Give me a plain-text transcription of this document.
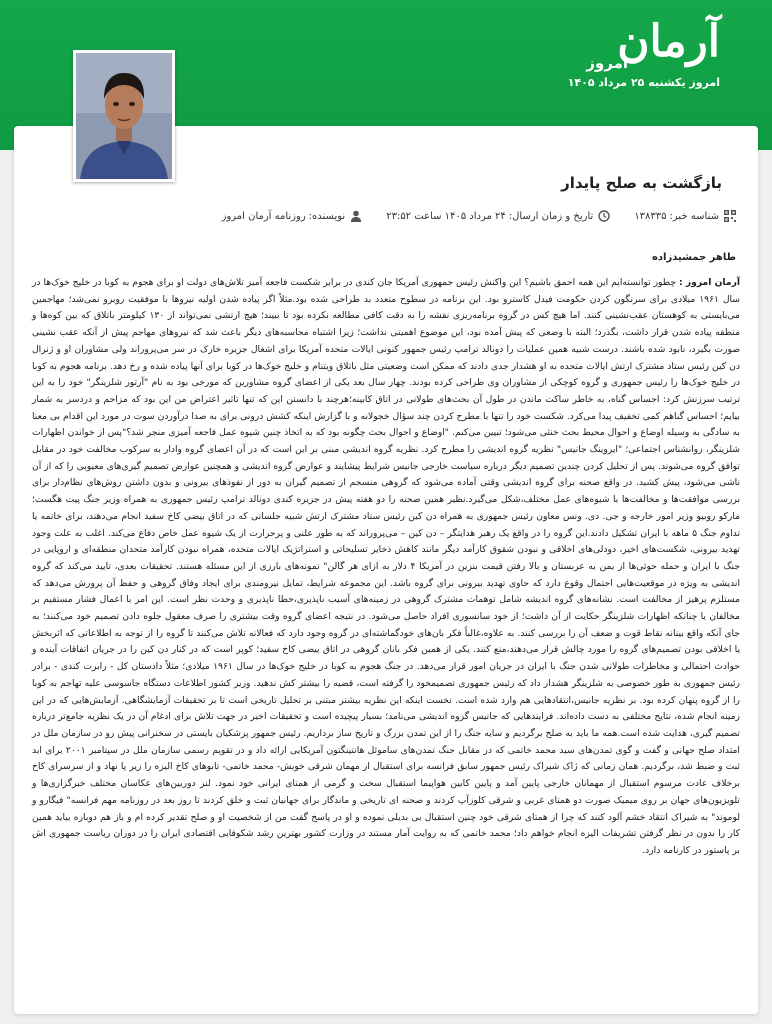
آرمان
امروز
امروز یکشنبه ۲۵ مرداد ۱۴۰۵
بازگشت به صلح پایدار
شناسه خبر:
۱۳۸۳۳۵
تاریخ و زمان ارسال:
۲۴ مرداد ۱۴۰۵ ساعت ۲۳:۵۲
نویسنده:
روزنامه آرمان امروز
طاهر جمشیدزاده

آرمان امروز : چطور توانسته‌ایم این همه احمق باشیم؟ این واکنش رئیس جمهوری آمریکا جان کندی در برابر شکست فاجعه آمیز تلاش‌های دولت او برای هجوم به کوبا در خلیج خوک‌ها در سال ۱۹۶۱ میلادی برای سرنگون کردن حکومت فیدل کاسترو بود. این برنامه در سطوح متعدد بد طراحی شده بود.مثلاً اگر پیاده شدن اولیه نیروها با موفقیت روبرو نمی‌شد؛ مهاجمین می‌بایستی به کوهستان عقب‌نشینی کنند. اما هیچ کس در گروه برنامه‌ریزی نقشه را به دقت کافی مطالعه نکرده بود تا ببیند؛ هیچ ارتشی نمی‌تواند از ۱۳۰ کیلومتر باتلاق که بین کوه‌ها و منطقه پیاده شدن قرار داشت، بگذرد؛ البته با وضعی که پیش آمده بود، این موضوع اهمیتی نداشت؛ زیرا اشتباه محاسبه‌های دیگر باعث شد که نیروهای مهاجم پیش از آنکه عقب نشینی صورت بگیرد، نابود شده باشند. درست شبیه همین عملیات را دونالد ترامپ رئیس جمهور کنونی ایالات متحده آمریکا برای اشغال جزیره خارک در سر می‌پروراند ولی مشاوران او و ژنرال دن کین رئیس ستاد مشترک ارتش ایالات متحده به او هشدار جدی دادند که ممکن است وضعیتی مثل باتلاق ویتنام و خلیج خوک‌ها در کوبا برای آنها پیاده شده و رخ دهد. برنامه هجوم به کوبا در خلیج خوک‌ها را رئیس جمهوری و گروه کوچکی از مشاوران وی طراحی کرده بودند. چهار سال بعد یکی از اعضای گروه مشاورین که مورخی بود به نام "آرتور شلزینگر" خود را به این ترتیب سرزنش کرد: احساس گناه، به خاطر ساکت ماندن در طول آن بحث‌های طولانی در اتاق کابینه؛هرچند با دانستن این که تنها تاثیر اعتراض من این بود که مزاحم و دردسر به شمار بیایم؛ احساس گناهم کمی تخفیف پیدا می‌کرد. شکست خود را تنها با مطرح کردن چند سؤال خجولانه و با گزارش اینکه کشش درونی برای به صدا درآوردن سوت در مورد این اقدام بی معنا به سادگی به وسیله اوضاع و احوال محیط بحث خنثی می‌شود؛ تبیین می‌کنم. "اوضاع و احوال بحث چگونه بود که به اتخاذ چنین شیوه عمل فاجعه آمیزی منجر شد؟"پس از خواندن اظهارات شلزینگر، روانشناس اجتماعی؛ "ایروینگ جانیس" نظریه گروه اندیشی را مطرح کرد. نظریه گروه اندیشی مبنی بر این است که در آن اعضای گروه وادار به سرکوب مخالفت خود در مقابل توافق گروه می‌شوند. پس از تحلیل کردن چندین تصمیم دیگر درباره سیاست خارجی جانیس شرایط پیشایند و عوارض گروه اندیشی و همچنین عوارض تصمیم گیری‌های معیوبی را که از آن ناشی می‌شود، پیش کشید. در واقع صحنه برای گروه اندیشی وقتی آماده می‌شود که گروهی منسجم از تصمیم گیران به دور از نفوذهای بیرونی و بدون داشتن روش‌های نظام‌دار برای بررسی موافقت‌ها و مخالفت‌ها با شیوه‌های عمل مختلف،شکل می‌گیرد.نظیر همین صحنه را دو هفته پیش در جزیره کندی دونالد ترامپ رئیس جمهوری به همراه وزیر جنگ پیت هگست؛ مارکو روبیو وزیر امور خارجه و جی. دی. ونس معاون رئیس جمهوری به همراه دن کین رئیس ستاد مشترک ارتش شبیه جلساتی که در اتاق بیضی کاخ سفید انجام می‌دهند، برای خاتمه یا تداوم جنگ ۵ ماهه با ایران تشکیل دادند.این گروه را در واقع یک رهبر هدایتگر – دن کین – می‌پروراند که به طور علنی و پرحرارت از یک شیوه عمل خاص دفاع می‌کند. اغلب به علت وجود تهدید بیرونی، شکست‌های اخیر، دودلی‌های اخلاقی و نبودن شقوق کارآمد دیگر مانند کاهش ذخایر تسلیحاتی و استراتژیک ایالات متحده، همراه نبودن کارآمد متحدان منطقه‌ای و اروپایی در جنگ با ایران و حمله حوثی‌ها از یمن به عربستان و بالا رفتن قیمت بنزین در آمریکا ۴ دلار به ازای هر گالن" نمونه‌های بارزی از این مسئله هستند. تحقیقات بعدی، تایید می‌کند که گروه اندیشی به ویژه در موقعیت‌هایی احتمال وقوع دارد که حاوی تهدید بیرونی برای گروه باشد. این مجموعه شرایط، تمایل نیرومندی برای ایجاد وفاق گروهی و حفظ آن پرورش می‌دهد که مستلزم پرهیز از مخالفت است. نشانه‌های گروه اندیشه شامل توهمات مشترک گروهی در زمینه‌های آسیب ناپذیری،خطا ناپذیری و وحدت نظر است. این امر با اعمال فشار مستقیم بر مخالفان یا چنانکه اظهارات شلزینگر حکایت از آن داشت؛ از خود سانسوری افراد حاصل می‌شود. در نتیجه اعضای گروه وقت بیشتری را صرف معقول جلوه دادن تصمیم خود می‌کنند؛ به جای آنکه واقع بینانه نقاط قوت و ضعف آن را بررسی کنند. به علاوه،غالباً فکر بان‌های خودگماشته‌ای در گروه وجود دارد که فعالانه تلاش می‌کنند تا گروه را از توجه به اطلاعاتی که اثربخش یا اخلاقی بودن تصمیم‌های گروه را مورد چالش قرار می‌دهند،منع کنند. یکی از همین فکر بانان گروهی در اتاق بیضی کاخ سفید؛ کوپر است که در کنار دن کین را در جریان اتفاقات آینده و حوادث احتمالی و مخاطرات طولانی شدن جنگ با ایران در جریان امور قرار می‌دهد. در جنگ هجوم به کوبا در خلیج خوک‌ها در سال ۱۹۶۱ میلادی؛ مثلاً دادستان کل - رابرت کندی - برادر رئیس جمهوری به طور خصوصی به شلزینگر هشدار داد که رئیس جمهوری تصمیمخود را گرفته است، قضیه را بیشتر کش ندهید. وزیر کشور اطلاعات دستگاه جاسوسی علیه تهاجم به کوبا را از گروه پنهان کرده بود. بر نظریه جانیس،انتقادهایی هم وارد شده است. نخست اینکه این نظریه بیشتر مبتنی بر تحلیل تاریخی است تا بر تحقیقات آزمایشگاهی. آزمایش‌هایی که در این زمینه انجام شده، نتایج مختلفی به دست داده‌اند. فرایندهایی که جانیس گروه اندیشی می‌نامد؛ بسیار پیچیده است و تحقیقات اخیر در جهت تلاش برای ادغام آن در یک نظریه جامع‌تر درباره تصمیم گیری، هدایت شده است.همه ما باید به صلح برگردیم و سایه جنگ را از این تمدن بزرگ و تاریخ ساز برداریم. رئیس جمهور پزشکیان بایستی در سخنرانی پیش رو در سازمان ملل در امتداد صلح جهانی و گفت و گوی تمدن‌های سید محمد خاتمی که در مقابل جنگ تمدن‌های ساموئل هانتینگتون آمریکایی ارائه داد و در تقویم رسمی سازمان ملل در سپتامبر ۲۰۰۱ برای ابد ثبت و ضبط شد، برگردیم. همان زمانی که ژاک شیراک رئیس جمهور سابق فرانسه برای استقبال از مهمان شرقی خویش- محمد خاتمی- تابوهای کاخ الیزه را زیر پا نهاد و از سرسرای کاخ برخلاف عادت مرسوم استقبال از مهمانان خارجی پایین آمد و پایین کابین هواپیما استقبال سخت و گرمی از همتای ایرانی خود نمود. لنز دوربین‌های عکاسان مختلف خبرگزاری‌ها و تلویزیون‌های جهان بر روی میمیک صورت دو همتای غربی و شرقی کلوزآپ کردند و صحنه ای تاریخی و ماندگار برای جهانیان ثبت و خلق کردند تا روز بعد در روزنامه مهم فرانسه" فیگارو و لوموند" به شیراک انتقاد خشم آلود کنند که چرا از همتای شرقی خود چنین استقبال بی بدیلی نموده و او در پاسخ گفت من از شخصیت او و صلح تقدیر کرده ام و باز هم دوباره بیاید همین کار را بدون در نظر گرفتن تشریفات الیزه انجام خواهم داد؛ محمد خاتمی که به روایت آمار مستند در وزارت کشور بهترین رشد شکوفایی اقتصادی ایران را در دوران ریاست جمهوری اش بر پاستور در کارنامه دارد.
